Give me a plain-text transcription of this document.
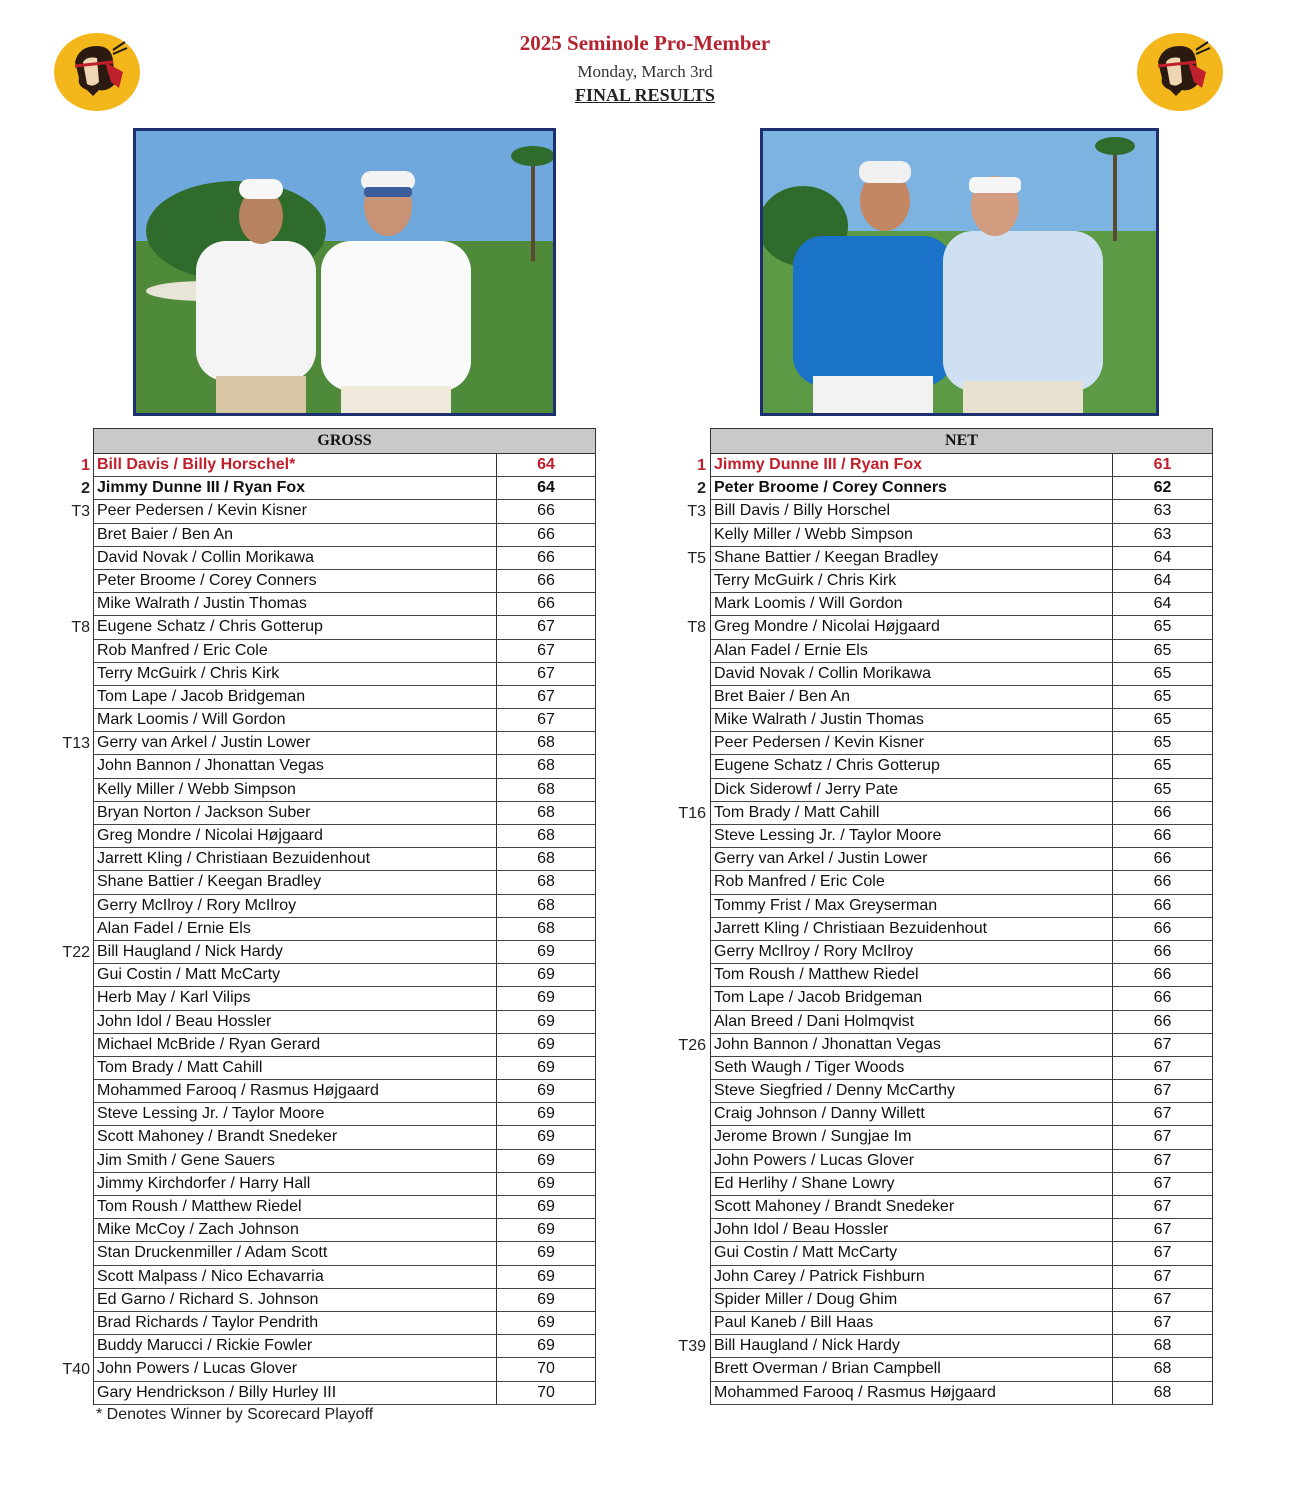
2025 Seminole Pro-Member
Monday, March 3rd
FINAL RESULTS
GROSS
1 Bill Davis / Billy Horschel*	64
2 Jimmy Dunne III / Ryan Fox	64
T3 Peer Pedersen / Kevin Kisner	66
Bret Baier / Ben An	66
David Novak / Collin Morikawa	66
Peter Broome / Corey Conners	66
Mike Walrath / Justin Thomas	66
T8 Eugene Schatz / Chris Gotterup	67
Rob Manfred / Eric Cole	67
Terry McGuirk / Chris Kirk	67
Tom Lape / Jacob Bridgeman	67
Mark Loomis / Will Gordon	67
T13 Gerry van Arkel / Justin Lower	68
John Bannon / Jhonattan Vegas	68
Kelly Miller / Webb Simpson	68
Bryan Norton / Jackson Suber	68
Greg Mondre / Nicolai Højgaard	68
Jarrett Kling / Christiaan Bezuidenhout	68
Shane Battier / Keegan Bradley	68
Gerry McIlroy / Rory McIlroy	68
Alan Fadel / Ernie Els	68
T22 Bill Haugland / Nick Hardy	69
Gui Costin / Matt McCarty	69
Herb May / Karl Vilips	69
John Idol / Beau Hossler	69
Michael McBride / Ryan Gerard	69
Tom Brady / Matt Cahill	69
Mohammed Farooq / Rasmus Højgaard	69
Steve Lessing Jr. / Taylor Moore	69
Scott Mahoney / Brandt Snedeker	69
Jim Smith / Gene Sauers	69
Jimmy Kirchdorfer / Harry Hall	69
Tom Roush / Matthew Riedel	69
Mike McCoy / Zach Johnson	69
Stan Druckenmiller / Adam Scott	69
Scott Malpass / Nico Echavarria	69
Ed Garno / Richard S. Johnson	69
Brad Richards / Taylor Pendrith	69
Buddy Marucci / Rickie Fowler	69
T40 John Powers / Lucas Glover	70
Gary Hendrickson / Billy Hurley III	70
NET
1 Jimmy Dunne III / Ryan Fox	61
2 Peter Broome / Corey Conners	62
T3 Bill Davis / Billy Horschel	63
Kelly Miller / Webb Simpson	63
T5 Shane Battier / Keegan Bradley	64
Terry McGuirk / Chris Kirk	64
Mark Loomis / Will Gordon	64
T8 Greg Mondre / Nicolai Højgaard	65
Alan Fadel / Ernie Els	65
David Novak / Collin Morikawa	65
Bret Baier / Ben An	65
Mike Walrath / Justin Thomas	65
Peer Pedersen / Kevin Kisner	65
Eugene Schatz / Chris Gotterup	65
Dick Siderowf / Jerry Pate	65
T16 Tom Brady / Matt Cahill	66
Steve Lessing Jr. / Taylor Moore	66
Gerry van Arkel / Justin Lower	66
Rob Manfred / Eric Cole	66
Tommy Frist / Max Greyserman	66
Jarrett Kling / Christiaan Bezuidenhout	66
Gerry McIlroy / Rory McIlroy	66
Tom Roush / Matthew Riedel	66
Tom Lape / Jacob Bridgeman	66
Alan Breed / Dani Holmqvist	66
T26 John Bannon / Jhonattan Vegas	67
Seth Waugh / Tiger Woods	67
Steve Siegfried / Denny McCarthy	67
Craig Johnson / Danny Willett	67
Jerome Brown / Sungjae Im	67
John Powers / Lucas Glover	67
Ed Herlihy / Shane Lowry	67
Scott Mahoney / Brandt Snedeker	67
John Idol / Beau Hossler	67
Gui Costin / Matt McCarty	67
John Carey / Patrick Fishburn	67
Spider Miller / Doug Ghim	67
Paul Kaneb / Bill Haas	67
T39 Bill Haugland / Nick Hardy	68
Brett Overman / Brian Campbell	68
Mohammed Farooq / Rasmus Højgaard	68
* Denotes Winner by Scorecard Playoff
